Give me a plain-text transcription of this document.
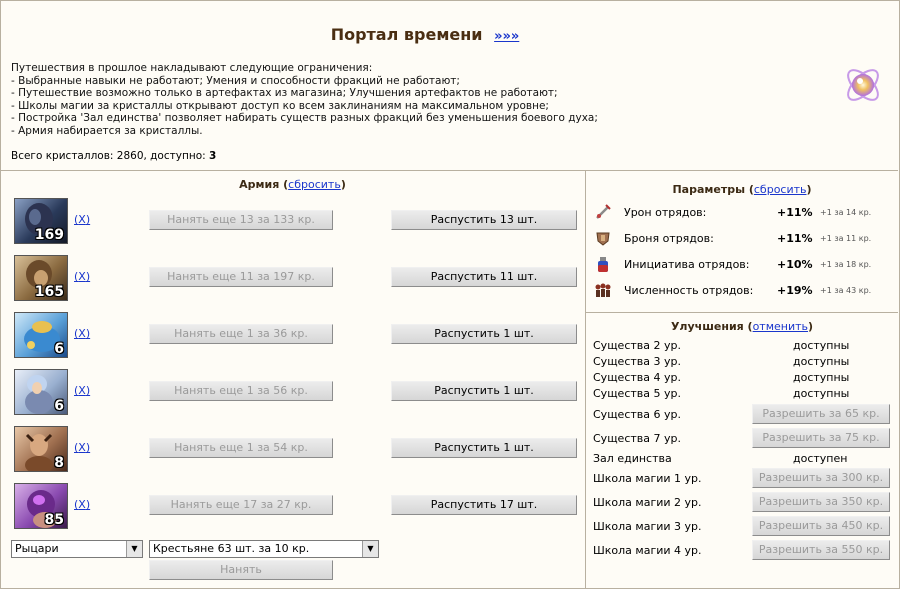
Портал времени »»»
Путешествия в прошлое накладывают следующие ограничения:
- Выбранные навыки не работают; Умения и способности фракций не работают;
- Путешествие возможно только в артефактах из магазина; Улучшения артефактов не работают;
- Школы магии за кристаллы открывают доступ ко всем заклинаниям на максимальном уровне;
- Постройка 'Зал единства' позволяет набирать существ разных фракций без уменьшения боевого духа;
- Армия набирается за кристаллы.
Всего кристаллов: 2860, доступно: 3
Армия (сбросить)
169
(X)	Нанять еще 13 за 133 кр.	Распустить 13 шт.
165
(X)	Нанять еще 11 за 197 кр.	Распустить 11 шт.
6
(X)	Нанять еще 1 за 36 кр.	Распустить 1 шт.
6
(X)	Нанять еще 1 за 56 кр.	Распустить 1 шт.
8
(X)	Нанять еще 1 за 54 кр.	Распустить 1 шт.
85
(X)	Нанять еще 17 за 27 кр.	Распустить 17 шт.
Рыцари	▼	Крестьяне 63 шт. за 10 кр.	▼
Нанять
Параметры (сбросить)
Урон отрядов:	+11% +1 за 14 кр.
Броня отрядов:	+11% +1 за 11 кр.
Инициатива отрядов:	+10% +1 за 18 кр.
Численность отрядов: +19% +1 за 43 кр.
Улучшения (отменить)
Существа 2 ур.	доступны
Существа 3 ур.	доступны
Существа 4 ур.	доступны
Существа 5 ур.	доступны
Существа 6 ур.	Разрешить за 65 кр.
Существа 7 ур.	Разрешить за 75 кр.
Зал единства	доступен
Школа магии 1 ур.	Разрешить за 300 кр.
Школа магии 2 ур.	Разрешить за 350 кр.
Школа магии 3 ур.	Разрешить за 450 кр.
Школа магии 4 ур.	Разрешить за 550 кр.
